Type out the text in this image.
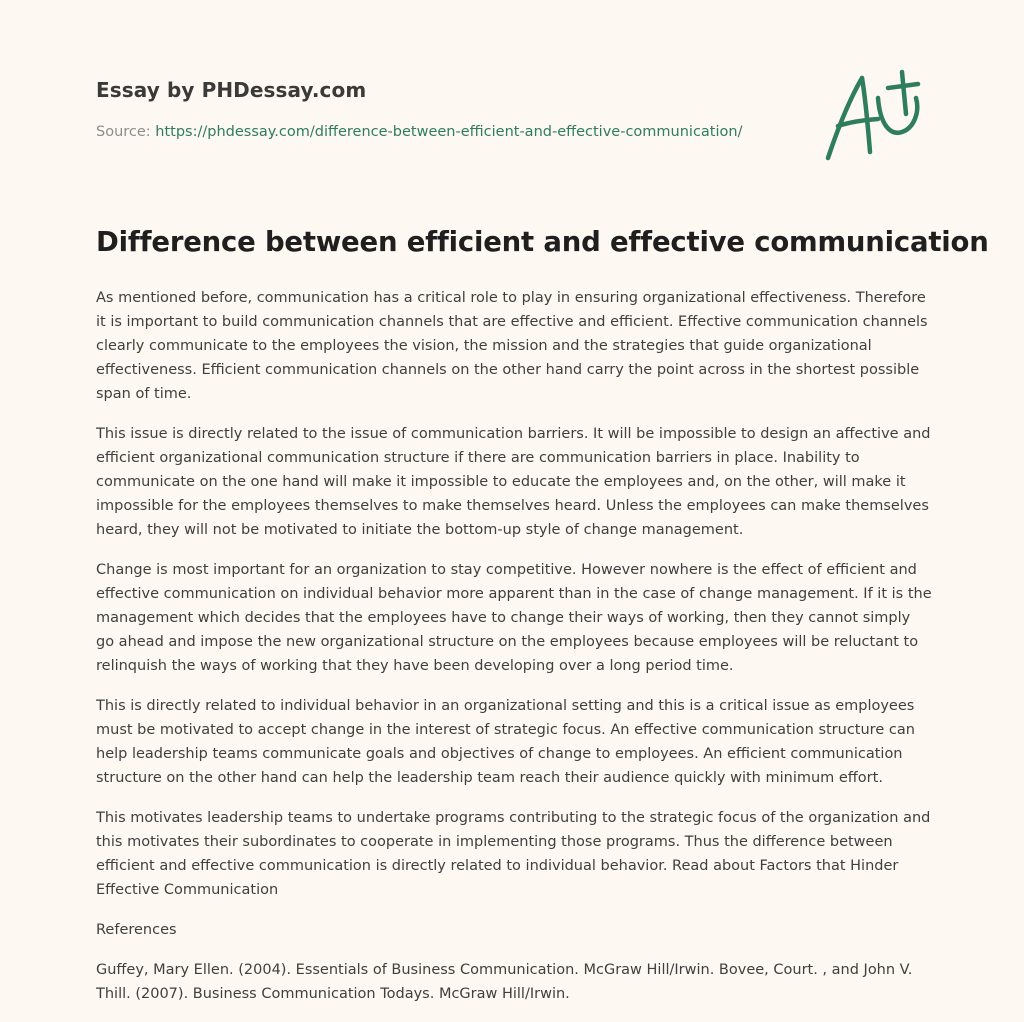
Essay by PHDessay.com
Source: https://phdessay.com/difference-between-efficient-and-effective-communication/
Difference between efficient and effective communication

As mentioned before, communication has a critical role to play in ensuring organizational effectiveness. Therefore it is important to build communication channels that are effective and efficient. Effective communication channels clearly communicate to the employees the vision, the mission and the strategies that guide organizational effectiveness. Efficient communication channels on the other hand carry the point across in the shortest possible span of time.

This issue is directly related to the issue of communication barriers. It will be impossible to design an affective and efficient organizational communication structure if there are communication barriers in place. Inability to communicate on the one hand will make it impossible to educate the employees and, on the other, will make it impossible for the employees themselves to make themselves heard. Unless the employees can make themselves heard, they will not be motivated to initiate the bottom-up style of change management.

Change is most important for an organization to stay competitive. However nowhere is the effect of efficient and effective communication on individual behavior more apparent than in the case of change management. If it is the management which decides that the employees have to change their ways of working, then they cannot simply go ahead and impose the new organizational structure on the employees because employees will be reluctant to relinquish the ways of working that they have been developing over a long period time.

This is directly related to individual behavior in an organizational setting and this is a critical issue as employees must be motivated to accept change in the interest of strategic focus. An effective communication structure can help leadership teams communicate goals and objectives of change to employees. An efficient communication structure on the other hand can help the leadership team reach their audience quickly with minimum effort.

This motivates leadership teams to undertake programs contributing to the strategic focus of the organization and this motivates their subordinates to cooperate in implementing those programs. Thus the difference between efficient and effective communication is directly related to individual behavior. Read about Factors that Hinder Effective Communication

References

Guffey, Mary Ellen. (2004). Essentials of Business Communication. McGraw Hill/Irwin. Bovee, Court. , and John V. Thill. (2007). Business Communication Todays. McGraw Hill/Irwin.
